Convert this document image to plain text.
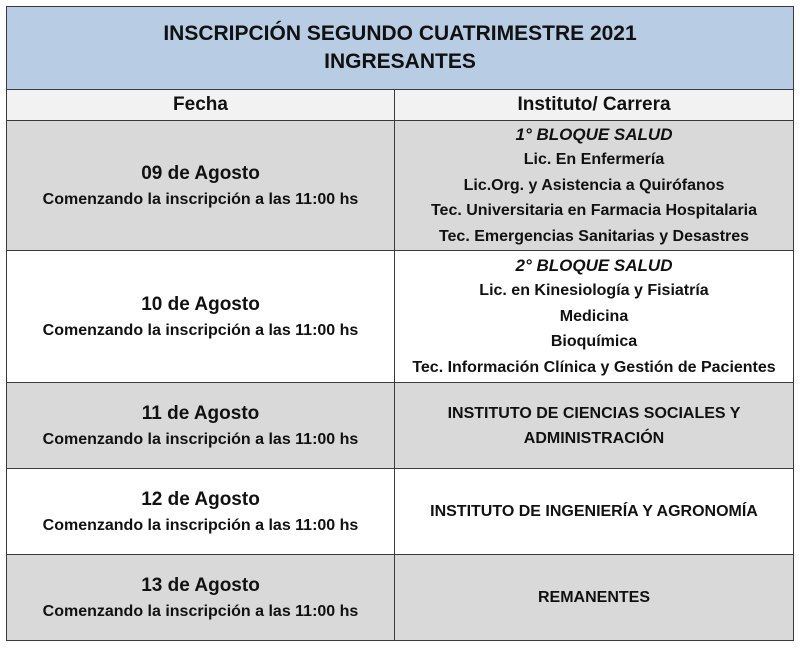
INSCRIPCIÓN SEGUNDO CUATRIMESTRE 2021
INGRESANTES	

Fecha	Instituto/ Carrera

09 de Agosto
Comenzando la inscripción a las 11:00 hs	1° BLOQUE SALUD
Lic. En Enfermería
Lic.Org. y Asistencia a Quirófanos
Tec. Universitaria en Farmacia Hospitalaria
Tec. Emergencias Sanitarias y Desastres

10 de Agosto
Comenzando la inscripción a las 11:00 hs	2° BLOQUE SALUD
Lic. en Kinesiología y Fisiatría
Medicina
Bioquímica
Tec. Información Clínica y Gestión de Pacientes

11 de Agosto
Comenzando la inscripción a las 11:00 hs	INSTITUTO DE CIENCIAS SOCIALES Y
ADMINISTRACIÓN

12 de Agosto
Comenzando la inscripción a las 11:00 hs	INSTITUTO DE INGENIERÍA Y AGRONOMÍA

13 de Agosto
Comenzando la inscripción a las 11:00 hs	REMANENTES
